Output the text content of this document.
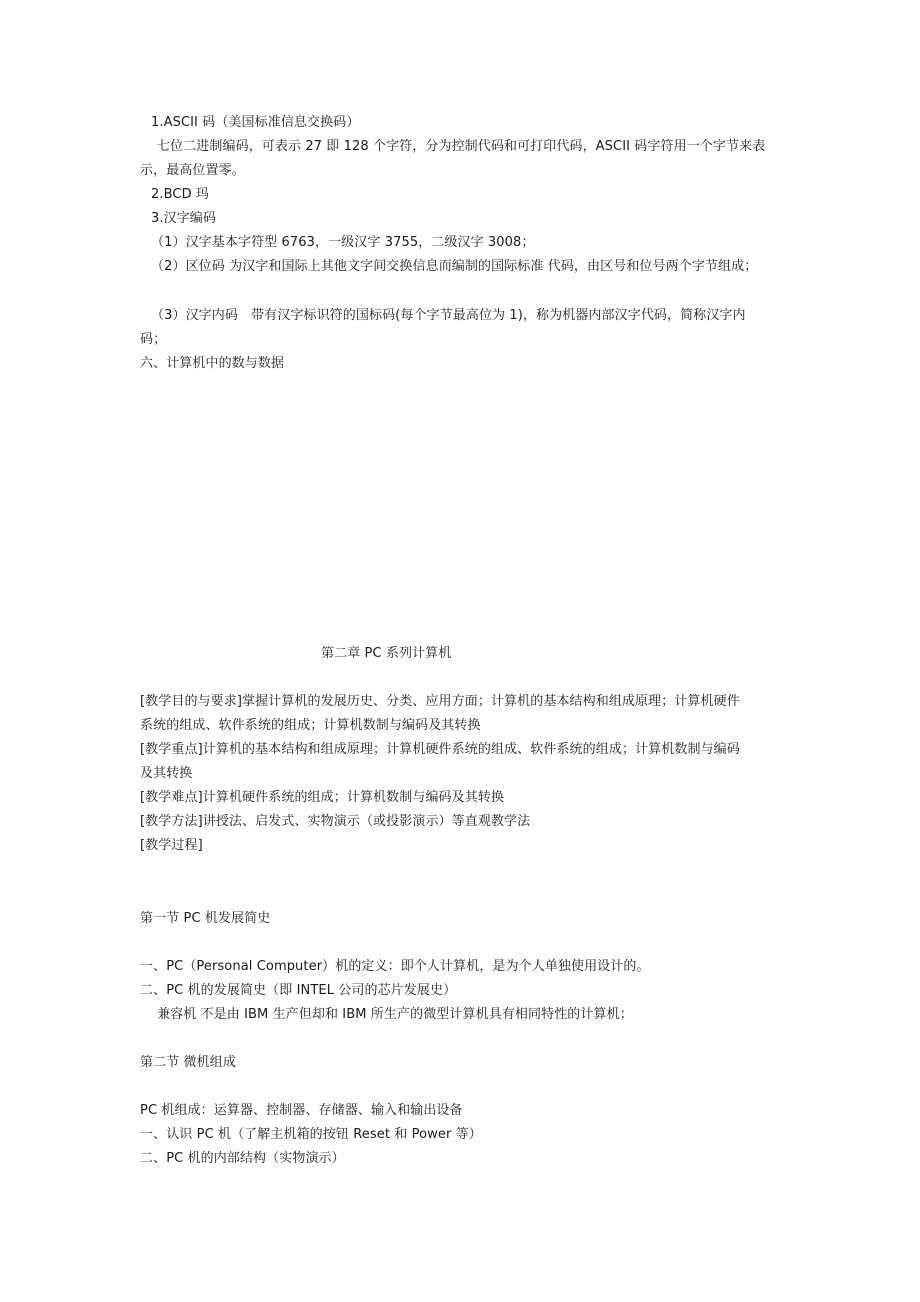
1.ASCII 码（美国标准信息交换码）
七位二进制编码，可表示 27 即 128 个字符，分为控制代码和可打印代码，ASCII 码字符用一个字节来表
示，最高位置零。
2.BCD 玛
3.汉字编码
（1）汉字基本字符型 6763，一级汉字 3755，二级汉字 3008；
（2）区位码 为汉字和国际上其他文字间交换信息而编制的国际标准 代码，由区号和位号两个字节组成；
（3）汉字内码　带有汉字标识符的国标码(每个字节最高位为 1)，称为机器内部汉字代码，简称汉字内
码；
六、计算机中的数与数据
第二章 PC 系列计算机
[教学目的与要求]掌握计算机的发展历史、分类、应用方面；计算机的基本结构和组成原理；计算机硬件
系统的组成、软件系统的组成；计算机数制与编码及其转换
[教学重点]计算机的基本结构和组成原理；计算机硬件系统的组成、软件系统的组成；计算机数制与编码
及其转换
[教学难点]计算机硬件系统的组成；计算机数制与编码及其转换
[教学方法]讲授法、启发式、实物演示（或投影演示）等直观教学法
[教学过程]
第一节 PC 机发展简史
一、PC（Personal Computer）机的定义：即个人计算机，是为个人单独使用设计的。
二、PC 机的发展简史（即 INTEL 公司的芯片发展史）
兼容机 不是由 IBM 生产但却和 IBM 所生产的微型计算机具有相同特性的计算机；
第二节 微机组成
PC 机组成：运算器、控制器、存储器、输入和输出设备
一、认识 PC 机（了解主机箱的按钮 Reset 和 Power 等）
二、PC 机的内部结构（实物演示）
